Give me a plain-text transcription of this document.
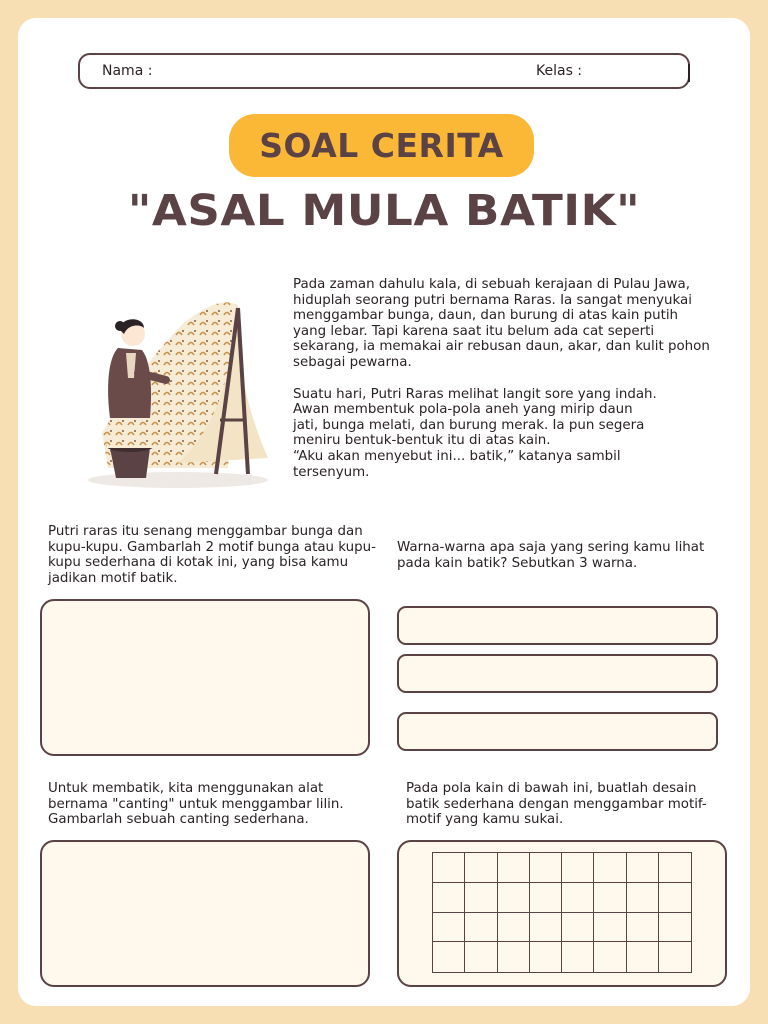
Nama :	Kelas :
SOAL CERITA
"ASAL MULA BATIK"

Pada zaman dahulu kala, di sebuah kerajaan di Pulau Jawa, hiduplah seorang putri bernama Raras. Ia sangat menyukai menggambar bunga, daun, dan burung di atas kain putih yang lebar. Tapi karena saat itu belum ada cat seperti sekarang, ia memakai air rebusan daun, akar, dan kulit pohon sebagai pewarna.

Suatu hari, Putri Raras melihat langit sore yang indah.
Awan membentuk pola-pola aneh yang mirip daun
jati, bunga melati, dan burung merak. Ia pun segera
meniru bentuk-bentuk itu di atas kain.
“Aku akan menyebut ini... batik,” katanya sambil
tersenyum.

Putri raras itu senang menggambar bunga dan kupu-kupu. Gambarlah 2 motif bunga atau kupu-kupu sederhana di kotak ini, yang bisa kamu jadikan motif batik.
Warna-warna apa saja yang sering kamu lihat pada kain batik? Sebutkan 3 warna.
Untuk membatik, kita menggunakan alat bernama "canting" untuk menggambar lilin. Gambarlah sebuah canting sederhana.
Pada pola kain di bawah ini, buatlah desain batik sederhana dengan menggambar motif-motif yang kamu sukai.
